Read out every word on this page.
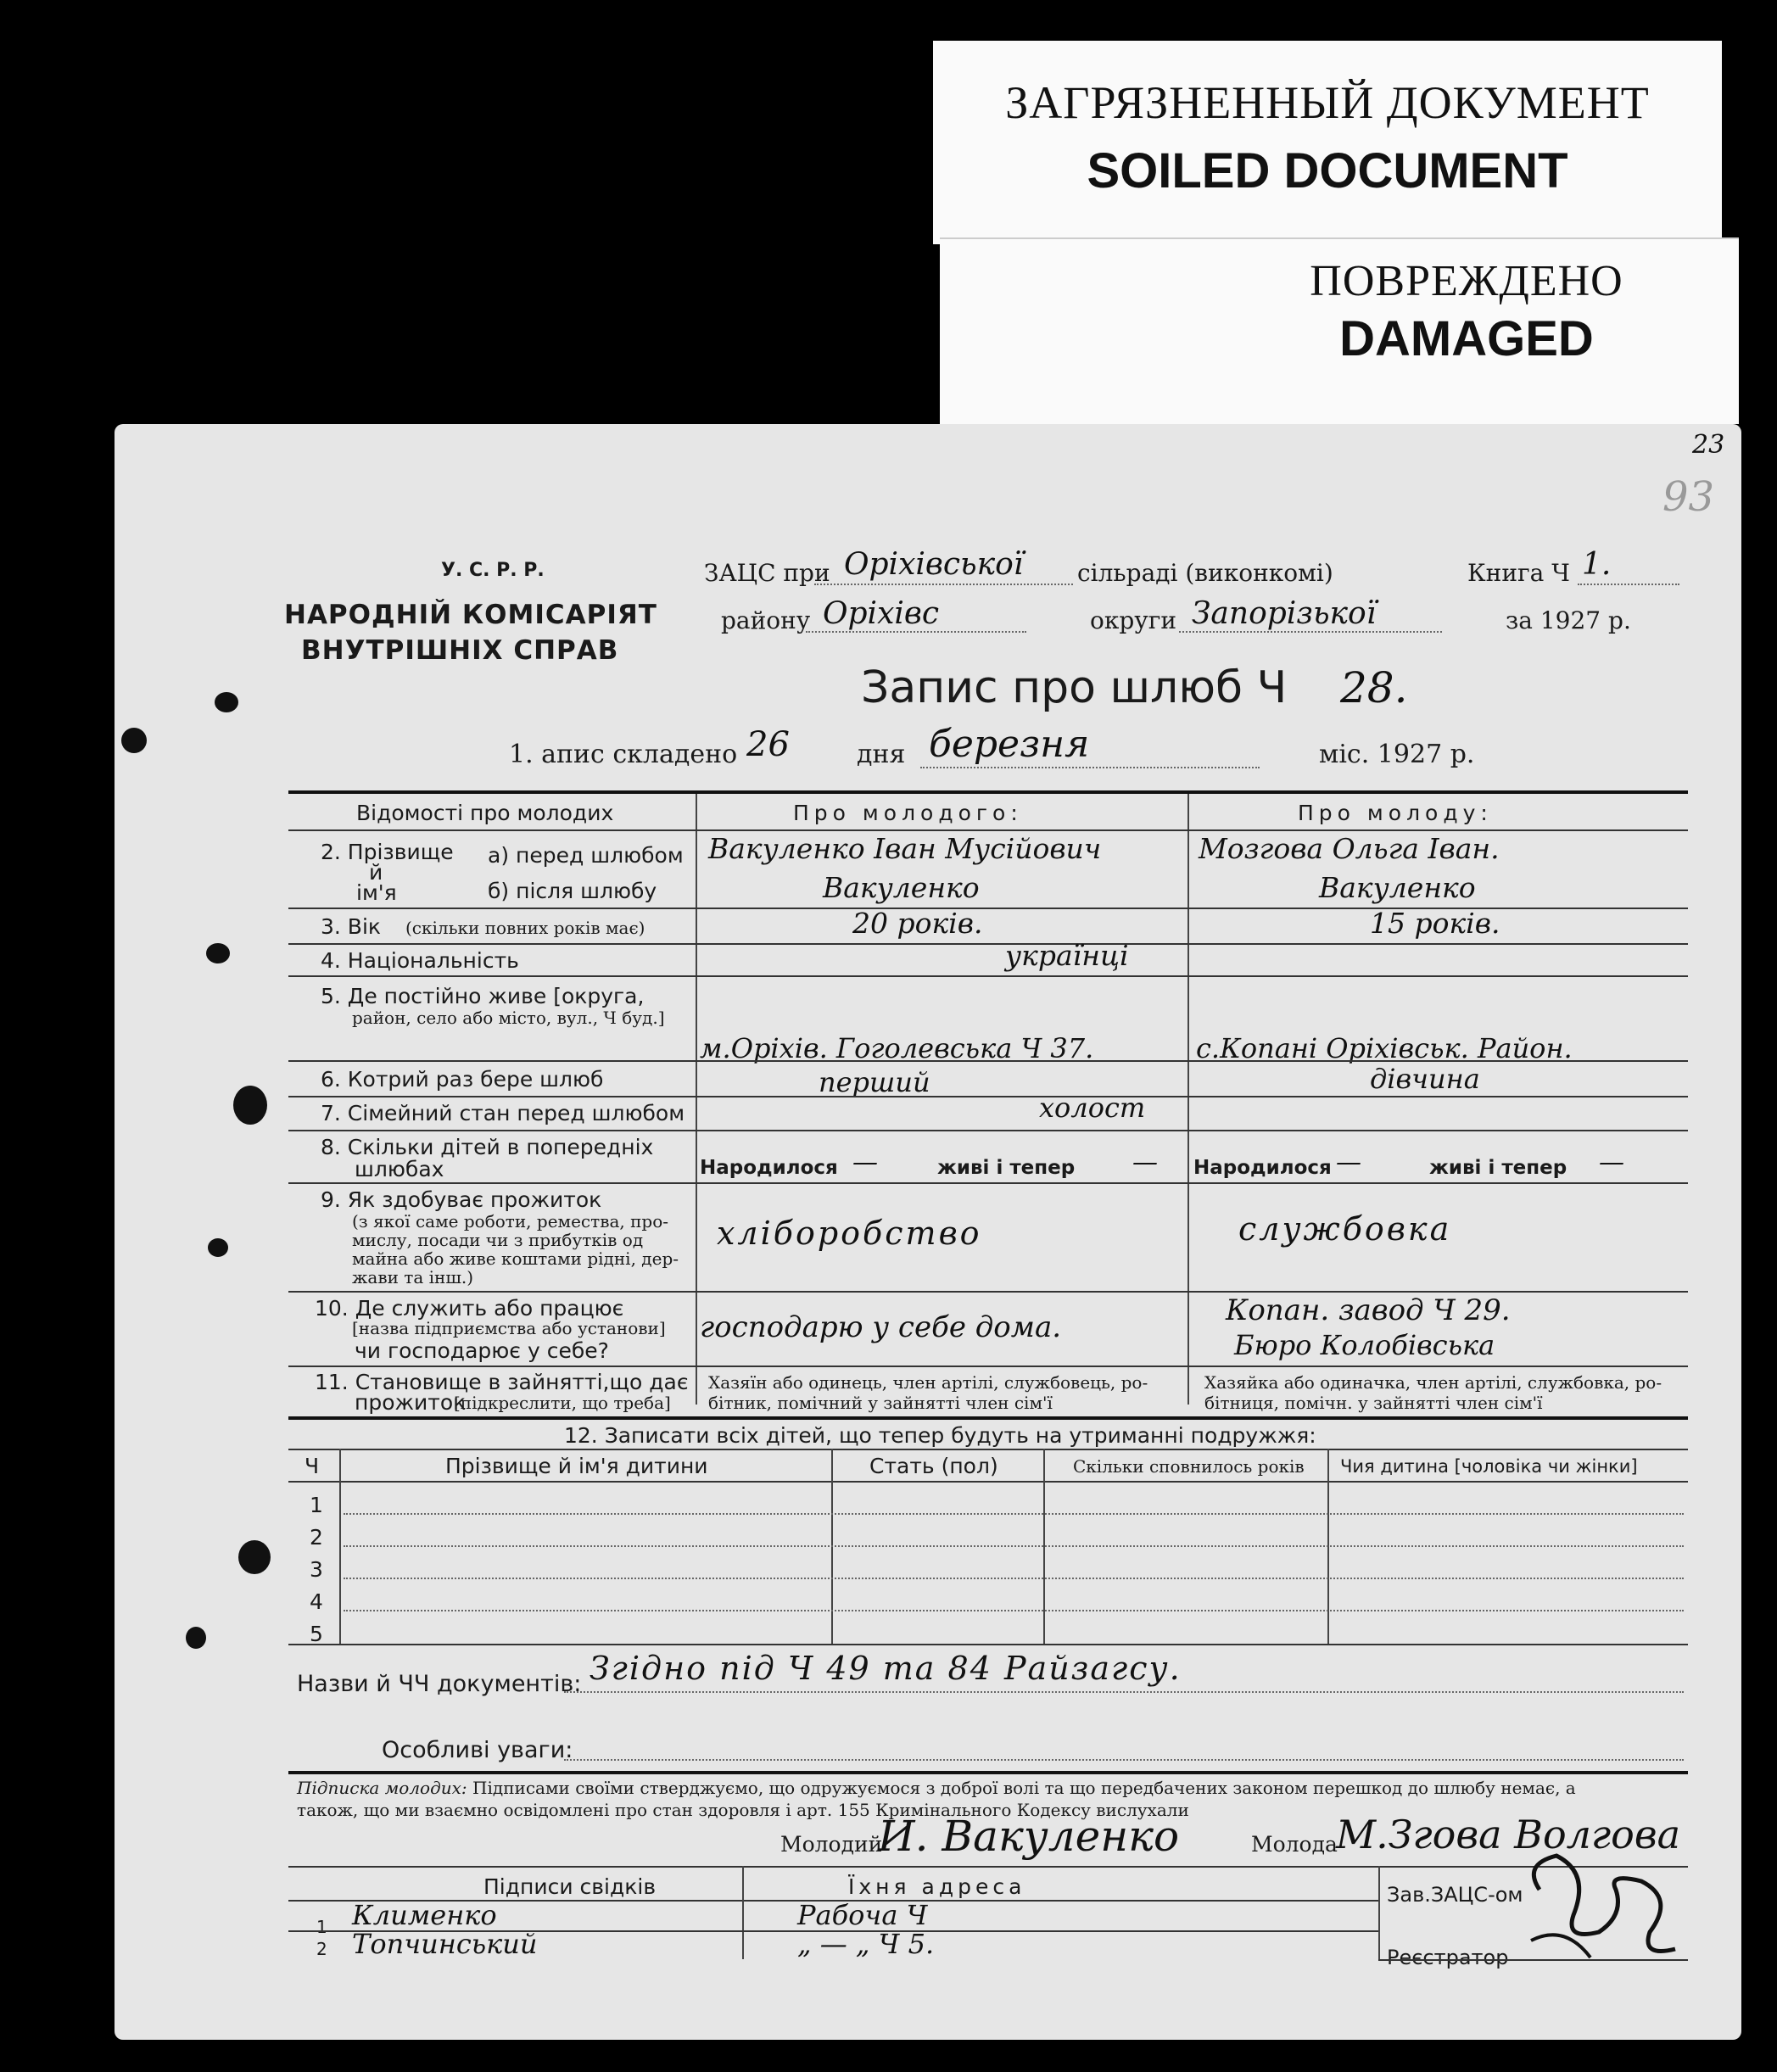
ЗАГРЯЗНЕННЫЙ ДОКУМЕНТ
SOILED DOCUMENT
ПОВРЕЖДЕНО
DAMAGED
23
93
У. С. Р. Р.
НАРОДНІЙ КОМІСАРІЯТ
ВНУТРІШНІХ СПРАВ
ЗАЦС при Оріхівської сільраді (виконкомі)	Книга Ч 1.
району Оріхівс	округи Запорізької	за 1927 р.
Запис про шлюб Ч 28.
1. апис складено 26	дня березня	міс. 1927 р.
Відомості про молодих	Про молодого:	Про молоду:
2. Прізвище
й
ім'я
а) перед шлюбом
б) після шлюбу
Вакуленко Іван Мусійович	Мозгова Ольга Іван.
Вакуленко	Вакуленко
3. Вік (скільки повних років має)	20 років.	15 років.
4. Національність	українці
5. Де постійно живе [округа,
район, село або місто, вул., Ч буд.]
м.Оріхів. Гоголевська Ч 37.	с.Копані Оріхівськ. Район.
6. Котрий раз бере шлюб	перший	дівчина
7. Сімейний стан перед шлюбом	холост
8. Скільки дітей в попередніх
шлюбах	Народилося —	живі і тепер — Народилося —	живі і тепер —
9. Як здобуває прожиток
(з якої саме роботи, ремества, про-
мислу, посади чи з прибутків од
майна або живе коштами рідні, дер-
жави та інш.)
хліборобство	службовка
10. Де служить або працює
[назва підприємства або установи]
чи господарює у себе?
господарю у себе дома.	Копан. завод Ч 29.
Бюро Колобівська
11. Становище в зайнятті,що дає
прожиток
[підкреслити, що треба]
Хазяїн або одинець, член артілі, службовець, ро-
бітник, помічний у зайнятті член сім'ї
Хазяйка або одиначка, член артілі, службовка, ро-
бітниця, помічн. у зайнятті член сім'ї
12. Записати всіх дітей, що тепер будуть на утриманні подружжя:
Ч	Прізвище й ім'я дитини	Стать (пол)	Скільки сповнилось років Чия дитина [чоловіка чи жінки]
1
2
3
4
5
Назви й ЧЧ документів: Згідно під Ч 49 та 84 Райзагсу.
Особливі уваги:
Підписка молодих: Підписами своїми стверджуємо, що одружуємося з доброї волі та що передбачених законом перешкод до шлюбу немає, а
також, що ми взаємно освідомлені про стан здоровля і арт. 155 Кримінального Кодексу вислухали
Молодий
И. Вакуленко	Молода
М.Згова Волгова
Підписи свідків	Їхня адреса
1 Клименко	Рабоча Ч
2 Топчинський	„ — „ Ч 5.
Зав.ЗАЦС-ом
Реєстратор
